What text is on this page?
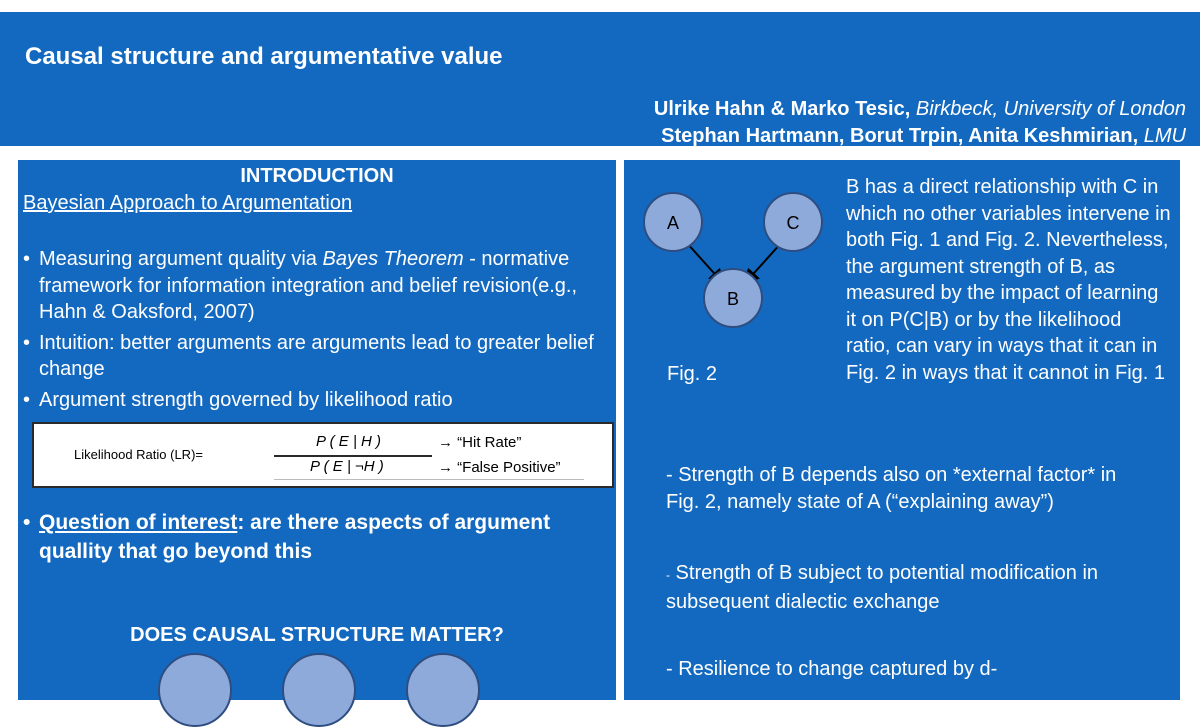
Causal structure and argumentative value
Ulrike Hahn & Marko Tesic, Birkbeck, University of London
Stephan Hartmann, Borut Trpin, Anita Keshmirian, LMU
INTRODUCTION
Bayesian Approach to Argumentation
• Measuring argument quality via Bayes Theorem - normative framework for information integration and belief revision(e.g., Hahn & Oaksford, 2007)
• Intuition: better arguments are arguments lead to greater belief change
• Argument strength governed by likelihood ratio
Likelihood Ratio (LR)=
P ( E | H )
P ( E | ¬H )
→ “Hit Rate”
→ “False Positive”
• Question of interest: are there aspects of argument quallity that go beyond this
DOES CAUSAL STRUCTURE MATTER?
A	C
B
Fig. 2
B has a direct relationship with C in which no other variables intervene in both Fig. 1 and Fig. 2. Nevertheless, the argument strength of B, as measured by the impact of learning it on P(C|B) or by the likelihood ratio, can vary in ways that it can in Fig. 2 in ways that it cannot in Fig. 1
- Strength of B depends also on *external factor* in Fig. 2, namely state of A (“explaining away”)
- Strength of B subject to potential modification in subsequent dialectic exchange
- Resilience to change captured by d-
